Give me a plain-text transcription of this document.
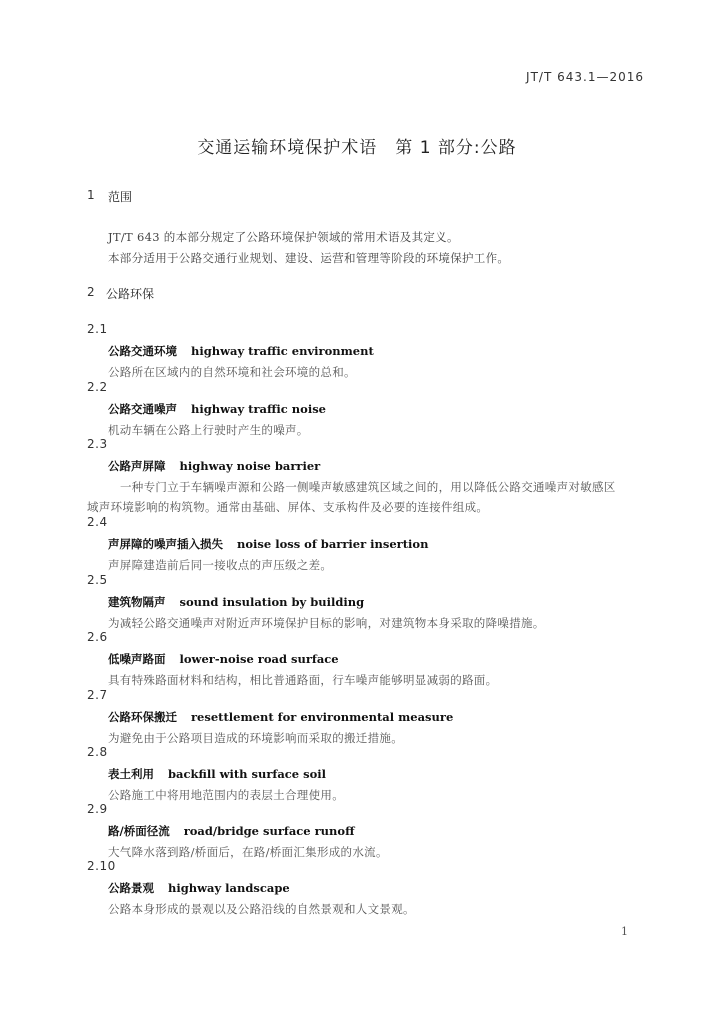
JT/T 643.1—2016
交通运输环境保护术语　第 1 部分:公路
1 范围
JT/T 643 的本部分规定了公路环境保护领域的常用术语及其定义。
本部分适用于公路交通行业规划、建设、运营和管理等阶段的环境保护工作。
2 公路环保
2.1
公路交通环境 highway traffic environment
公路所在区域内的自然环境和社会环境的总和。
2.2
公路交通噪声 highway traffic noise
机动车辆在公路上行驶时产生的噪声。
2.3
公路声屏障 highway noise barrier
一种专门立于车辆噪声源和公路一侧噪声敏感建筑区域之间的，用以降低公路交通噪声对敏感区
域声环境影响的构筑物。通常由基础、屏体、支承构件及必要的连接件组成。
2.4
声屏障的噪声插入损失 noise loss of barrier insertion
声屏障建造前后同一接收点的声压级之差。
2.5
建筑物隔声 sound insulation by building
为减轻公路交通噪声对附近声环境保护目标的影响，对建筑物本身采取的降噪措施。
2.6
低噪声路面 lower-noise road surface
具有特殊路面材料和结构，相比普通路面，行车噪声能够明显减弱的路面。
2.7
公路环保搬迁 resettlement for environmental measure
为避免由于公路项目造成的环境影响而采取的搬迁措施。
2.8
表土利用 backfill with surface soil
公路施工中将用地范围内的表层土合理使用。
2.9
路/桥面径流 road/bridge surface runoff
大气降水落到路/桥面后，在路/桥面汇集形成的水流。
2.10
公路景观 highway landscape
公路本身形成的景观以及公路沿线的自然景观和人文景观。
1
